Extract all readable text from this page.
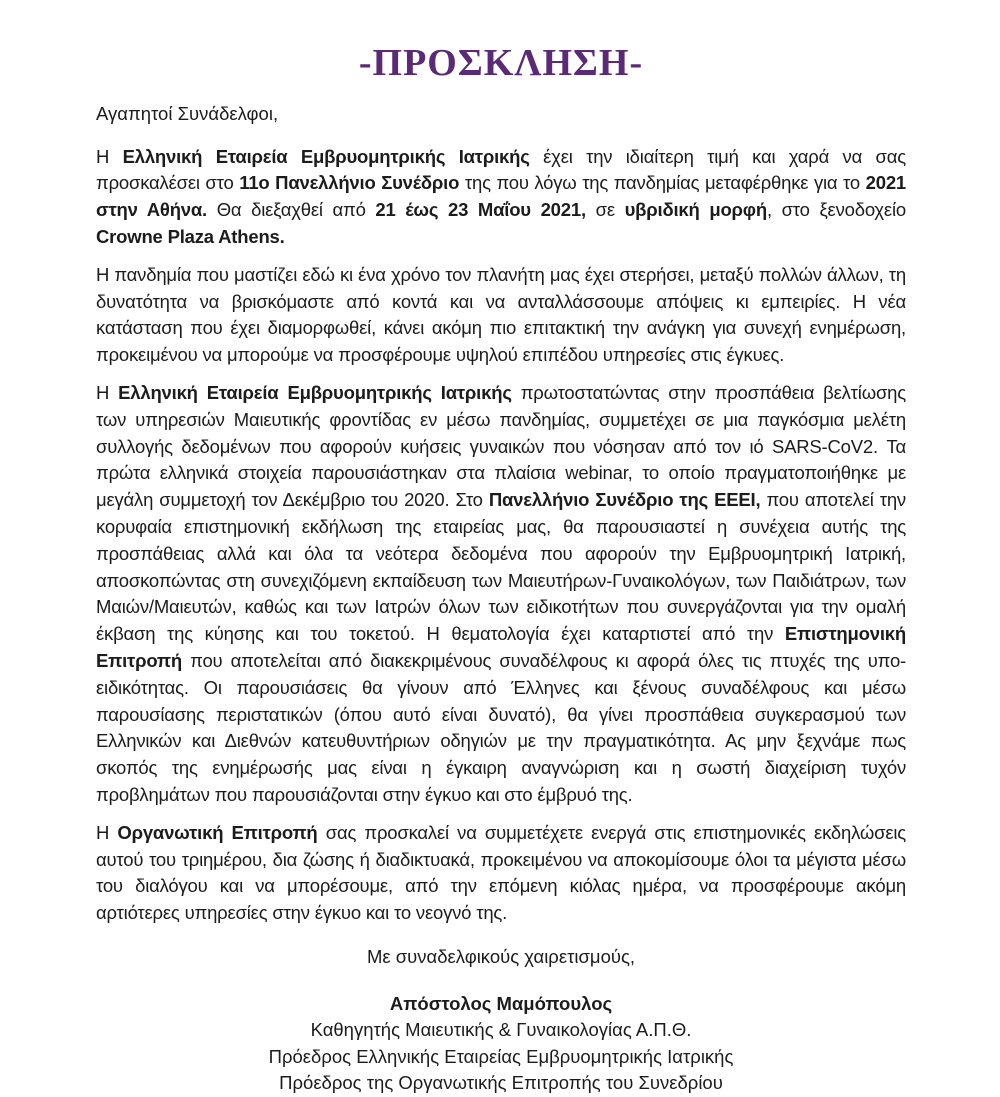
-ΠΡΟΣΚΛΗΣΗ-

Αγαπητοί Συνάδελφοι,

Η Ελληνική Εταιρεία Εμβρυομητρικής Ιατρικής έχει την ιδιαίτερη τιμή και χαρά να σας προσκαλέσει στο 11ο Πανελλήνιο Συνέδριο της που λόγω της πανδημίας μεταφέρθηκε για το 2021 στην Αθήνα. Θα διεξαχθεί από 21 έως 23 Μαΐου 2021, σε υβριδική μορφή, στο ξενοδοχείο Crowne Plaza Athens.

Η πανδημία που μαστίζει εδώ κι ένα χρόνο τον πλανήτη μας έχει στερήσει, μεταξύ πολλών άλλων, τη δυνατότητα να βρισκόμαστε από κοντά και να ανταλλάσσουμε απόψεις κι εμπειρίες. Η νέα κατάσταση που έχει διαμορφωθεί, κάνει ακόμη πιο επιτακτική την ανάγκη για συνεχή ενημέρωση, προκειμένου να μπορούμε να προσφέρουμε υψηλού επιπέδου υπηρεσίες στις έγκυες.

Η Ελληνική Εταιρεία Εμβρυομητρικής Ιατρικής πρωτοστατώντας στην προσπάθεια βελτίωσης των υπηρεσιών Μαιευτικής φροντίδας εν μέσω πανδημίας, συμμετέχει σε μια παγκόσμια μελέτη συλλογής δεδομένων που αφορούν κυήσεις γυναικών που νόσησαν από τον ιό SARS-CoV2. Τα πρώτα ελληνικά στοιχεία παρουσιάστηκαν στα πλαίσια webinar, το οποίο πραγματοποιήθηκε με μεγάλη συμμετοχή τον Δεκέμβριο του 2020. Στο Πανελλήνιο Συνέδριο της ΕΕΕΙ, που αποτελεί την κορυφαία επιστημονική εκδήλωση της εταιρείας μας, θα παρουσιαστεί η συνέχεια αυτής της προσπάθειας αλλά και όλα τα νεότερα δεδομένα που αφορούν την Εμβρυομητρική Ιατρική, αποσκοπώντας στη συνεχιζόμενη εκπαίδευση των Μαιευτήρων-Γυναικολόγων, των Παιδιάτρων, των Μαιών/Μαιευτών, καθώς και των Ιατρών όλων των ειδικοτήτων που συνεργάζονται για την ομαλή έκβαση της κύησης και του τοκετού. Η θεματολογία έχει καταρτιστεί από την Επιστημονική Επιτροπή που αποτελείται από διακεκριμένους συναδέλφους κι αφορά όλες τις πτυχές της υπο-ειδικότητας. Οι παρουσιάσεις θα γίνουν από Έλληνες και ξένους συναδέλφους και μέσω παρουσίασης περιστατικών (όπου αυτό είναι δυνατό), θα γίνει προσπάθεια συγκερασμού των Ελληνικών και Διεθνών κατευθυντήριων οδηγιών με την πραγματικότητα. Ας μην ξεχνάμε πως σκοπός της ενημέρωσής μας είναι η έγκαιρη αναγνώριση και η σωστή διαχείριση τυχόν προβλημάτων που παρουσιάζονται στην έγκυο και στο έμβρυό της.

Η Οργανωτική Επιτροπή σας προσκαλεί να συμμετέχετε ενεργά στις επιστημονικές εκδηλώσεις αυτού του τριημέρου, δια ζώσης ή διαδικτυακά, προκειμένου να αποκομίσουμε όλοι τα μέγιστα μέσω του διαλόγου και να μπορέσουμε, από την επόμενη κιόλας ημέρα, να προσφέρουμε ακόμη αρτιότερες υπηρεσίες στην έγκυο και το νεογνό της.

Με συναδελφικούς χαιρετισμούς,

Απόστολος Μαμόπουλος

Καθηγητής Μαιευτικής & Γυναικολογίας Α.Π.Θ.

Πρόεδρος Ελληνικής Εταιρείας Εμβρυομητρικής Ιατρικής

Πρόεδρος της Οργανωτικής Επιτροπής του Συνεδρίου
